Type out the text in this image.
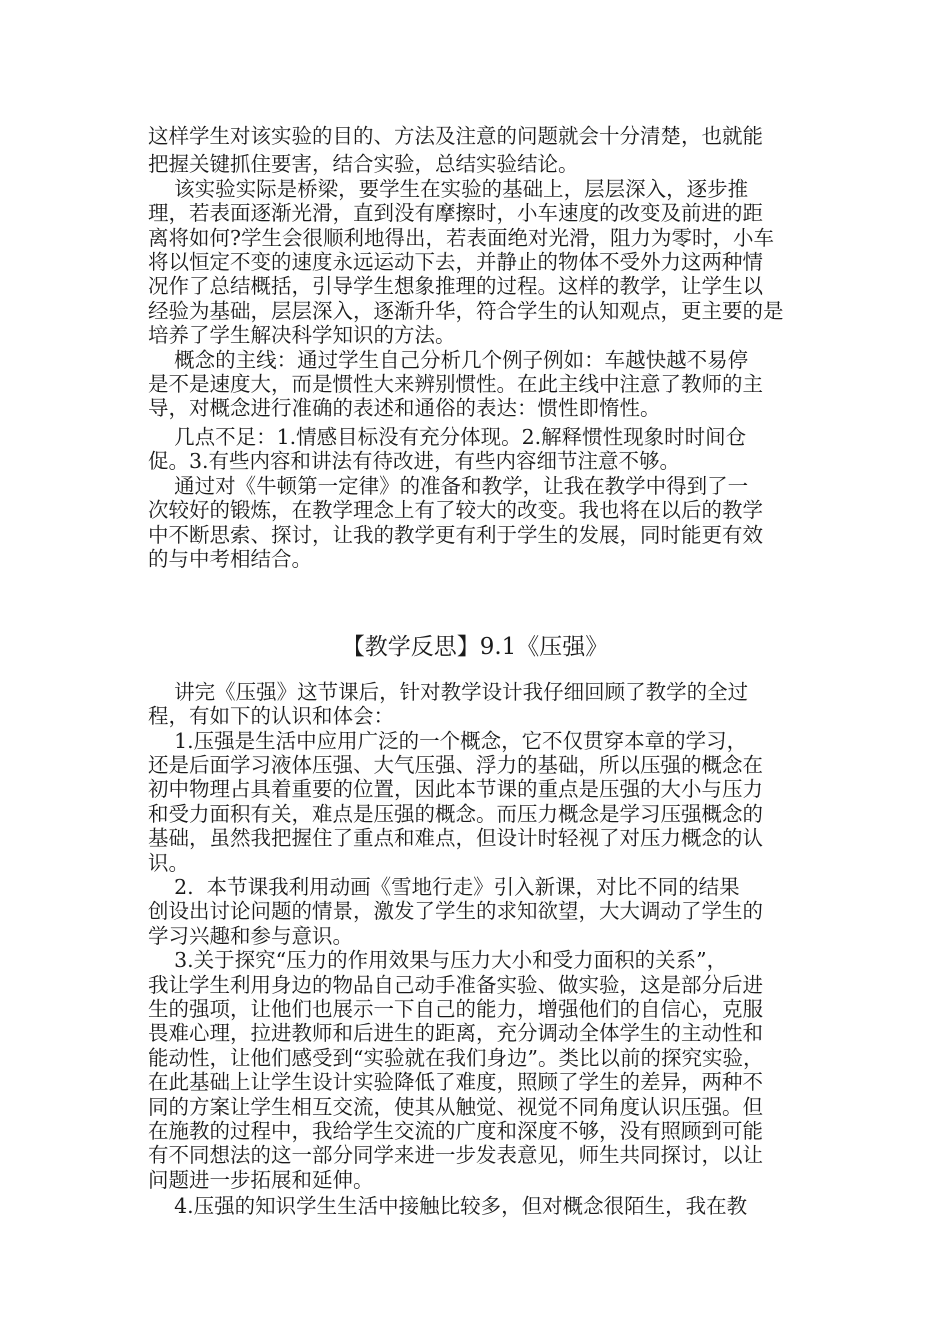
这样学生对该实验的目的、方法及注意的问题就会十分清楚，也就能
把握关键抓住要害，结合实验，总结实验结论。
该实验实际是桥梁，要学生在实验的基础上，层层深入，逐步推
理，若表面逐渐光滑，直到没有摩擦时，小车速度的改变及前进的距
离将如何?学生会很顺利地得出，若表面绝对光滑，阻力为零时，小车
将以恒定不变的速度永远运动下去，并静止的物体不受外力这两种情
况作了总结概括，引导学生想象推理的过程。这样的教学，让学生以
经验为基础，层层深入，逐渐升华，符合学生的认知观点，更主要的是
培养了学生解决科学知识的方法。
概念的主线：通过学生自己分析几个例子例如：车越快越不易停
是不是速度大，而是惯性大来辨别惯性。在此主线中注意了教师的主
导，对概念进行准确的表述和通俗的表达：惯性即惰性。
几点不足：1.情感目标没有充分体现。2.解释惯性现象时时间仓
促。3.有些内容和讲法有待改进，有些内容细节注意不够。
通过对《牛顿第一定律》的准备和教学，让我在教学中得到了一
次较好的锻炼，在教学理念上有了较大的改变。我也将在以后的教学
中不断思索、探讨，让我的教学更有利于学生的发展，同时能更有效
的与中考相结合。
【教学反思】9.1《压强》
讲完《压强》这节课后，针对教学设计我仔细回顾了教学的全过
程，有如下的认识和体会：
1.压强是生活中应用广泛的一个概念，它不仅贯穿本章的学习，
还是后面学习液体压强、大气压强、浮力的基础，所以压强的概念在
初中物理占具着重要的位置，因此本节课的重点是压强的大小与压力
和受力面积有关，难点是压强的概念。而压力概念是学习压强概念的
基础，虽然我把握住了重点和难点，但设计时轻视了对压力概念的认
识。
2.  本节课我利用动画《雪地行走》引入新课，对比不同的结果
创设出讨论问题的情景，激发了学生的求知欲望，大大调动了学生的
学习兴趣和参与意识。
3.关于探究“压力的作用效果与压力大小和受力面积的关系”，
我让学生利用身边的物品自己动手准备实验、做实验，这是部分后进
生的强项，让他们也展示一下自己的能力，增强他们的自信心，克服
畏难心理，拉进教师和后进生的距离，充分调动全体学生的主动性和
能动性，让他们感受到“实验就在我们身边”。类比以前的探究实验，
在此基础上让学生设计实验降低了难度，照顾了学生的差异，两种不
同的方案让学生相互交流，使其从触觉、视觉不同角度认识压强。但
在施教的过程中，我给学生交流的广度和深度不够，没有照顾到可能
有不同想法的这一部分同学来进一步发表意见，师生共同探讨，以让
问题进一步拓展和延伸。
4.压强的知识学生生活中接触比较多，但对概念很陌生，我在教
